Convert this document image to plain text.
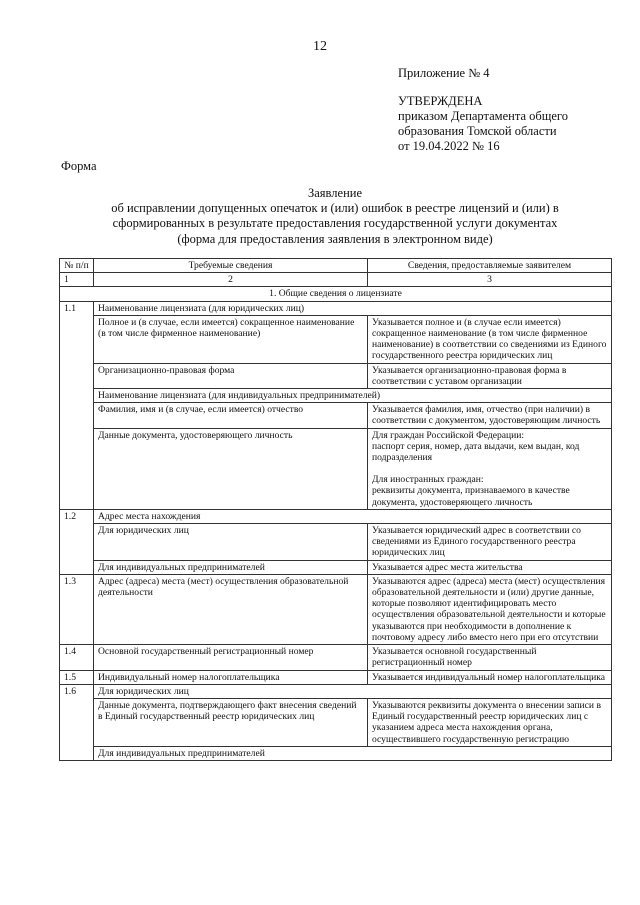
12
Приложение № 4
УТВЕРЖДЕНА
приказом Департамента общего
образования Томской области
от 19.04.2022 № 16
Форма
Заявление
об исправлении допущенных опечаток и (или) ошибок в реестре лицензий и (или) в
сформированных в результате предоставления государственной услуги документах
(форма для предоставления заявления в электронном виде)
№ п/п	Требуемые сведения	Сведения, предоставляемые заявителем
1	2	3
1. Общие сведения о лицензиате		
1.1	Наименование лицензиата (для юридических лиц)	
	Полное и (в случае, если имеется) сокращенное наименование (в том числе фирменное наименование)	Указывается полное и (в случае если имеется) сокращенное наименование (в том числе фирменное наименование) в соответствии со сведениями из Единого государственного реестра юридических лиц
	Организационно-правовая форма	Указывается организационно-правовая форма в соответствии с уставом организации
	Наименование лицензиата (для индивидуальных предпринимателей)	
	Фамилия, имя и (в случае, если имеется) отчество	Указывается фамилия, имя, отчество (при наличии) в соответствии с документом, удостоверяющим личность
	Данные документа, удостоверяющего личность	Для граждан Российской Федерации:
паспорт серия, номер, дата выдачи, кем выдан, код подразделения
Для иностранных граждан:
реквизиты документа, признаваемого в качестве документа, удостоверяющего личность

1.2	Адрес места нахождения	
	Для юридических лиц	Указывается юридический адрес в соответствии со сведениями из Единого государственного реестра юридических лиц
	Для индивидуальных предпринимателей	Указывается адрес места жительства
1.3	Адрес (адреса) места (мест) осуществления образовательной деятельности	Указываются адрес (адреса) места (мест) осуществления образовательной деятельности и (или) другие данные, которые позволяют идентифицировать место осуществления образовательной деятельности и которые указываются при необходимости в дополнение к почтовому адресу либо вместо него при его отсутствии
1.4	Основной государственный регистрационный номер	Указывается основной государственный регистрационный номер
1.5	Индивидуальный номер налогоплательщика	Указывается индивидуальный номер налогоплательщика
1.6	Для юридических лиц	
	Данные документа, подтверждающего факт внесения сведений в Единый государственный реестр юридических лиц	Указываются реквизиты документа о внесении записи в Единый государственный реестр юридических лиц с указанием адреса места нахождения органа, осуществившего государственную регистрацию
	Для индивидуальных предпринимателей	
